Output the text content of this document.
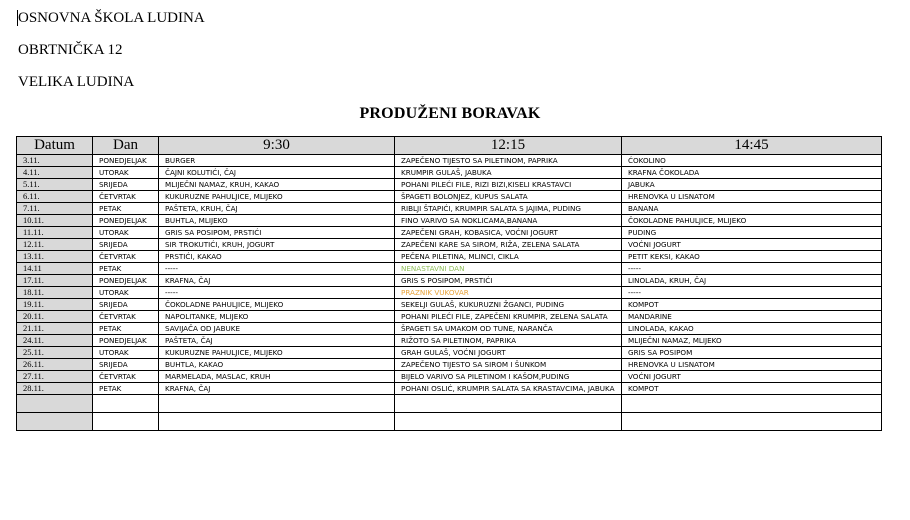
OSNOVNA ŠKOLA LUDINA
OBRTNIČKA 12
VELIKA LUDINA
PRODUŽENI BORAVAK
Datum	Dan	9:30	12:15	14:45
3.11.	PONEDJELJAK	BURGER	ZAPEČENO TIJESTO SA PILETINOM, PAPRIKA	ĆOKOLINO
4.11.	UTORAK	ČAJNI KOLUTIĆI, ČAJ	KRUMPIR GULAŠ, JABUKA	KRAFNA ČOKOLADA
5.11.	SRIJEDA	MLIJEČNI NAMAZ, KRUH, KAKAO	POHANI PILEĆI FILE, RIZI BIZI,KISELI KRASTAVCI	JABUKA
6.11.	ČETVRTAK	KUKURUZNE PAHULJICE, MLIJEKO	ŠPAGETI BOLONJEZ, KUPUS SALATA	HRENOVKA U LISNATOM
7.11.	PETAK	PAŠTETA, KRUH, ČAJ	RIBLJI ŠTAPIĆI, KRUMPIR SALATA S JAJIMA, PUDING	BANANA
10.11.	PONEDJELJAK	BUHTLA, MLIJEKO	FINO VARIVO SA NOKLICAMA,BANANA	ČOKOLADNE PAHULJICE, MLIJEKO
11.11.	UTORAK	GRIS SA POSIPOM, PRSTIĆI	ZAPEČENI GRAH, KOBASICA, VOĆNI JOGURT	PUDING
12.11.	SRIJEDA	SIR TROKUTIĆI, KRUH, JOGURT	ZAPEČENI KARE SA SIROM, RIŽA, ZELENA SALATA	VOĆNI JOGURT
13.11.	ČETVRTAK	PRSTIĆI, KAKAO	PEČENA PILETINA, MLINCI, CIKLA	PETIT KEKSI, KAKAO
14.11	PETAK	-----	NENASTAVNI DAN	-----
17.11.	PONEDJELJAK	KRAFNA, ČAJ	GRIS S POSIPOM, PRSTIĆI	LINOLADA, KRUH, ČAJ
18.11.	UTORAK	-----	PRAZNIK VUKOVAR	-----
19.11.	SRIJEDA	ČOKOLADNE PAHULJICE, MLIJEKO	SEKELJI GULAŠ, KUKURUZNI ŽGANCI, PUDING	KOMPOT
20.11.	ČETVRTAK	NAPOLITANKE, MLIJEKO	POHANI PILEĆI FILE, ZAPEČENI KRUMPIR, ZELENA SALATA	MANDARINE
21.11.	PETAK	SAVIJAČA OD JABUKE	ŠPAGETI SA UMAKOM OD TUNE, NARANČA	LINOLADA, KAKAO
24.11.	PONEDJELJAK	PAŠTETA, ČAJ	RIŽOTO SA PILETINOM, PAPRIKA	MLIJEČNI NAMAZ, MLIJEKO
25.11.	UTORAK	KUKURUZNE PAHULJICE, MLIJEKO	GRAH GULAŠ, VOĆNI JOGURT	GRIS SA POSIPOM
26.11.	SRIJEDA	BUHTLA, KAKAO	ZAPEČENO TIJESTO SA SIROM I ŠUNKOM	HRENOVKA U LISNATOM
27.11.	ČETVRTAK	MARMELADA, MASLAC, KRUH	BIJELO VARIVO SA PILETINOM I KAŠOM,PUDING	VOĆNI JOGURT
28.11.	PETAK	KRAFNA, ČAJ	POHANI OSLIĆ, KRUMPIR SALATA SA KRASTAVCIMA, JABUKA	KOMPOT
